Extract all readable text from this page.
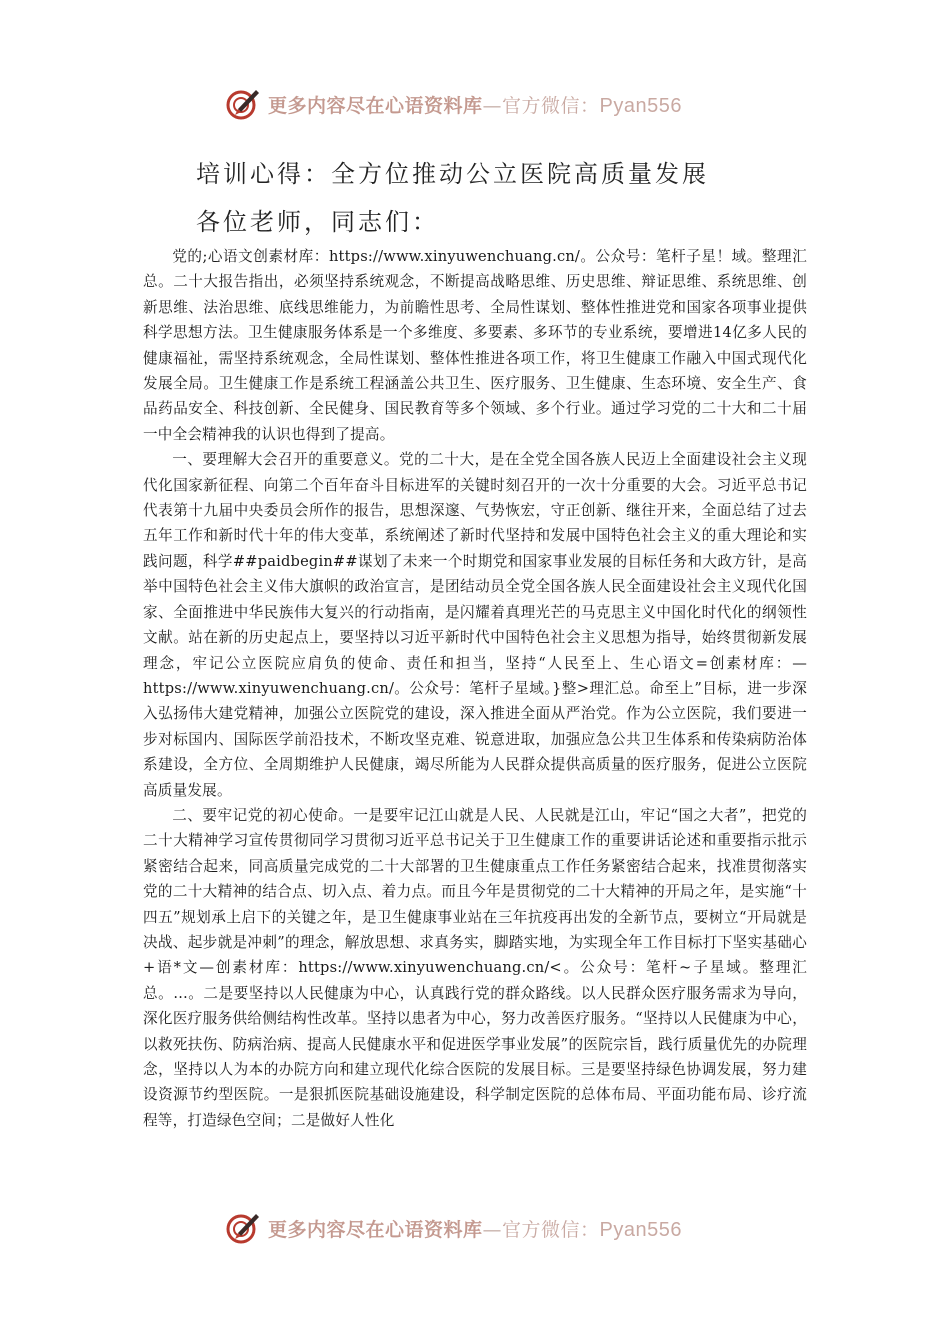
更多内容尽在心语资料库—官方微信：Pyan556
培训心得：全方位推动公立医院高质量发展
各位老师，同志们：

党的;心语文创素材库：https://www.xinyuwenchuang.cn/。公众号：笔杆子星！域。整理汇总。二十大报告指出，必须坚持系统观念，不断提高战略思维、历史思维、辩证思维、系统思维、创新思维、法治思维、底线思维能力，为前瞻性思考、全局性谋划、整体性推进党和国家各项事业提供科学思想方法。卫生健康服务体系是一个多维度、多要素、多环节的专业系统，要增进14亿多人民的健康福祉，需坚持系统观念，全局性谋划、整体性推进各项工作，将卫生健康工作融入中国式现代化发展全局。卫生健康工作是系统工程涵盖公共卫生、医疗服务、卫生健康、生态环境、安全生产、食品药品安全、科技创新、全民健身、国民教育等多个领域、多个行业。通过学习党的二十大和二十届一中全会精神我的认识也得到了提高。

一、要理解大会召开的重要意义。党的二十大，是在全党全国各族人民迈上全面建设社会主义现代化国家新征程、向第二个百年奋斗目标进军的关键时刻召开的一次十分重要的大会。习近平总书记代表第十九届中央委员会所作的报告，思想深邃、气势恢宏，守正创新、继往开来，全面总结了过去五年工作和新时代十年的伟大变革，系统阐述了新时代坚持和发展中国特色社会主义的重大理论和实践问题，科学##paidbegin##谋划了未来一个时期党和国家事业发展的目标任务和大政方针，是高举中国特色社会主义伟大旗帜的政治宣言，是团结动员全党全国各族人民全面建设社会主义现代化国家、全面推进中华民族伟大复兴的行动指南，是闪耀着真理光芒的马克思主义中国化时代化的纲领性文献。站在新的历史起点上，要坚持以习近平新时代中国特色社会主义思想为指导，始终贯彻新发展理念，牢记公立医院应肩负的使命、责任和担当，坚持“人民至上、生心语文=创素材库：—https://www.xinyuwenchuang.cn/。公众号：笔杆子星域。}整>理汇总。命至上”目标，进一步深入弘扬伟大建党精神，加强公立医院党的建设，深入推进全面从严治党。作为公立医院，我们要进一步对标国内、国际医学前沿技术，不断攻坚克难、锐意进取，加强应急公共卫生体系和传染病防治体系建设，全方位、全周期维护人民健康，竭尽所能为人民群众提供高质量的医疗服务，促进公立医院高质量发展。

二、要牢记党的初心使命。一是要牢记江山就是人民、人民就是江山，牢记“国之大者”，把党的二十大精神学习宣传贯彻同学习贯彻习近平总书记关于卫生健康工作的重要讲话论述和重要指示批示紧密结合起来，同高质量完成党的二十大部署的卫生健康重点工作任务紧密结合起来，找准贯彻落实党的二十大精神的结合点、切入点、着力点。而且今年是贯彻党的二十大精神的开局之年，是实施“十四五”规划承上启下的关键之年，是卫生健康事业站在三年抗疫再出发的全新节点，要树立“开局就是决战、起步就是冲刺”的理念，解放思想、求真务实，脚踏实地，为实现全年工作目标打下坚实基础心+语*文—创素材库：https://www.xinyuwenchuang.cn/<。公众号：笔杆~子星域。整理汇总。…。二是要坚持以人民健康为中心，认真践行党的群众路线。以人民群众医疗服务需求为导向，深化医疗服务供给侧结构性改革。坚持以患者为中心，努力改善医疗服务。“坚持以人民健康为中心，以救死扶伤、防病治病、提高人民健康水平和促进医学事业发展”的医院宗旨，践行质量优先的办院理念，坚持以人为本的办院方向和建立现代化综合医院的发展目标。三是要坚持绿色协调发展，努力建设资源节约型医院。一是狠抓医院基础设施建设，科学制定医院的总体布局、平面功能布局、诊疗流程等，打造绿色空间；二是做好人性化

更多内容尽在心语资料库—官方微信：Pyan556
